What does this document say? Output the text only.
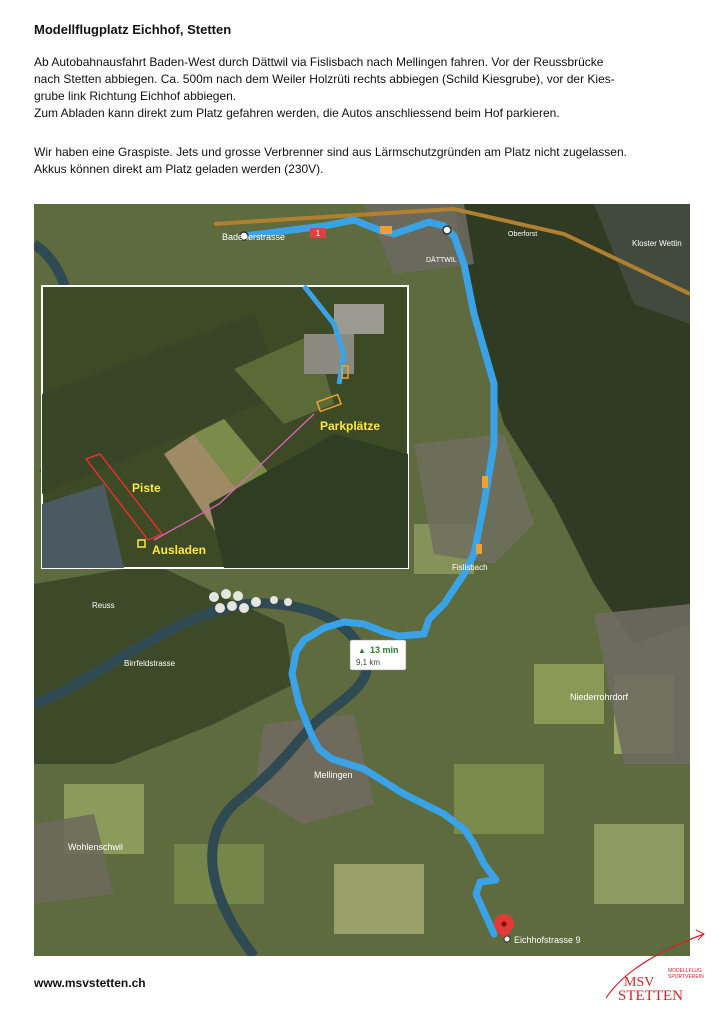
Modellflugplatz Eichhof, Stetten

Ab Autobahnausfahrt Baden-West durch Dättwil via Fislisbach nach Mellingen fahren. Vor der Reussbrücke
nach Stetten abbiegen. Ca. 500m nach dem Weiler Holzrüti rechts abbiegen (Schild Kiesgrube), vor der Kies-
grube link Richtung Eichhof abbiegen.
Zum Abladen kann direkt zum Platz gefahren werden, die Autos anschliessend beim Hof parkieren.

Wir haben eine Graspiste. Jets und grosse Verbrenner sind aus Lärmschutzgründen am Platz nicht zugelassen.
Akkus können direkt am Platz geladen werden (230V).

1
Badenerstrasse
DÄTTWIL
Oberforst
Kloster Wettin
Fislisbach
Reuss
Birrfeldstrasse
Niederrohrdorf
Mellingen
Wohlenschwil
▲ 13 min
9.1 km
Eichhofstrasse 9
Parkplätze
Piste
Ausladen
www.msvstetten.ch
MODELLFLUG
SPORTVEREIN
MSV
STETTEN
